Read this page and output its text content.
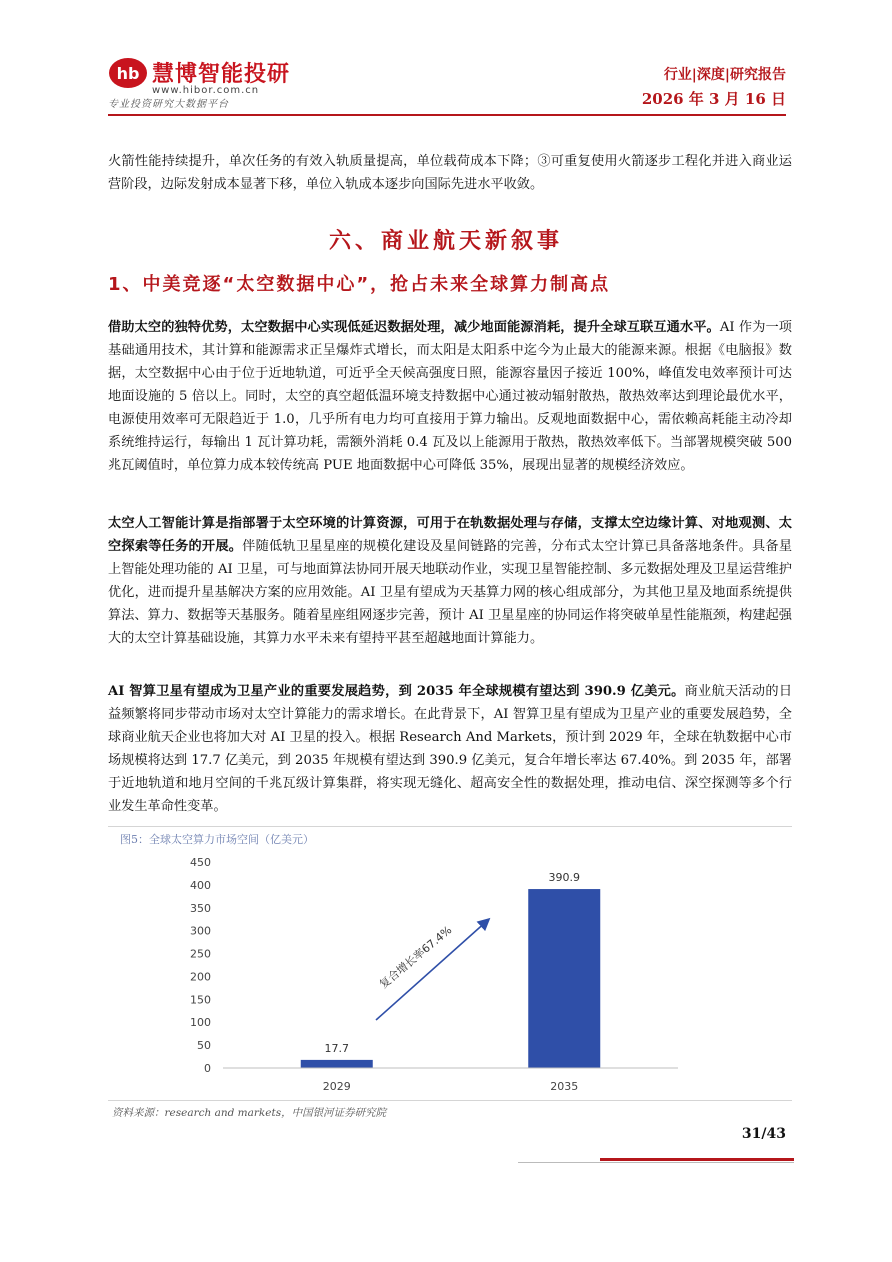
hb 慧博智能投研
www.hibor.com.cn
专业投资研究大数据平台
行业|深度|研究报告
2026 年 3 月 16 日
火箭性能持续提升，单次任务的有效入轨质量提高，单位载荷成本下降；③可重复使用火箭逐步工程化并进入商业运营阶段，边际发射成本显著下移，单位入轨成本逐步向国际先进水平收敛。
六、商业航天新叙事
1、中美竞逐“太空数据中心”，抢占未来全球算力制高点
借助太空的独特优势，太空数据中心实现低延迟数据处理，减少地面能源消耗，提升全球互联互通水平。AI 作为一项基础通用技术，其计算和能源需求正呈爆炸式增长，而太阳是太阳系中迄今为止最大的能源来源。根据《电脑报》数据，太空数据中心由于位于近地轨道，可近乎全天候高强度日照，能源容量因子接近 100%，峰值发电效率预计可达地面设施的 5 倍以上。同时，太空的真空超低温环境支持数据中心通过被动辐射散热，散热效率达到理论最优水平，电源使用效率可无限趋近于 1.0，几乎所有电力均可直接用于算力输出。反观地面数据中心，需依赖高耗能主动冷却系统维持运行，每输出 1 瓦计算功耗，需额外消耗 0.4 瓦及以上能源用于散热，散热效率低下。当部署规模突破 500 兆瓦阈值时，单位算力成本较传统高 PUE 地面数据中心可降低 35%，展现出显著的规模经济效应。
太空人工智能计算是指部署于太空环境的计算资源，可用于在轨数据处理与存储，支撑太空边缘计算、对地观测、太空探索等任务的开展。伴随低轨卫星星座的规模化建设及星间链路的完善，分布式太空计算已具备落地条件。具备星上智能处理功能的 AI 卫星，可与地面算法协同开展天地联动作业，实现卫星智能控制、多元数据处理及卫星运营维护优化，进而提升星基解决方案的应用效能。AI 卫星有望成为天基算力网的核心组成部分，为其他卫星及地面系统提供算法、算力、数据等天基服务。随着星座组网逐步完善，预计 AI 卫星星座的协同运作将突破单星性能瓶颈，构建起强大的太空计算基础设施，其算力水平未来有望持平甚至超越地面计算能力。
AI 智算卫星有望成为卫星产业的重要发展趋势，到 2035 年全球规模有望达到 390.9 亿美元。商业航天活动的日益频繁将同步带动市场对太空计算能力的需求增长。在此背景下，AI 智算卫星有望成为卫星产业的重要发展趋势，全球商业航天企业也将加大对 AI 卫星的投入。根据 Research And Markets，预计到 2029 年，全球在轨数据中心市场规模将达到 17.7 亿美元，到 2035 年规模有望达到 390.9 亿美元，复合年增长率达 67.40%。到 2035 年，部署于近地轨道和地月空间的千兆瓦级计算集群，将实现无缝化、超高安全性的数据处理，推动电信、深空探测等多个行业发生革命性变革。
图5：全球太空算力市场空间（亿美元）
0
50
100
150
200
250
300
350
400
450
17.7
390.9
2029	2035
复合增长率67.4%
资料来源：research and markets，中国银河证券研究院
31/43
